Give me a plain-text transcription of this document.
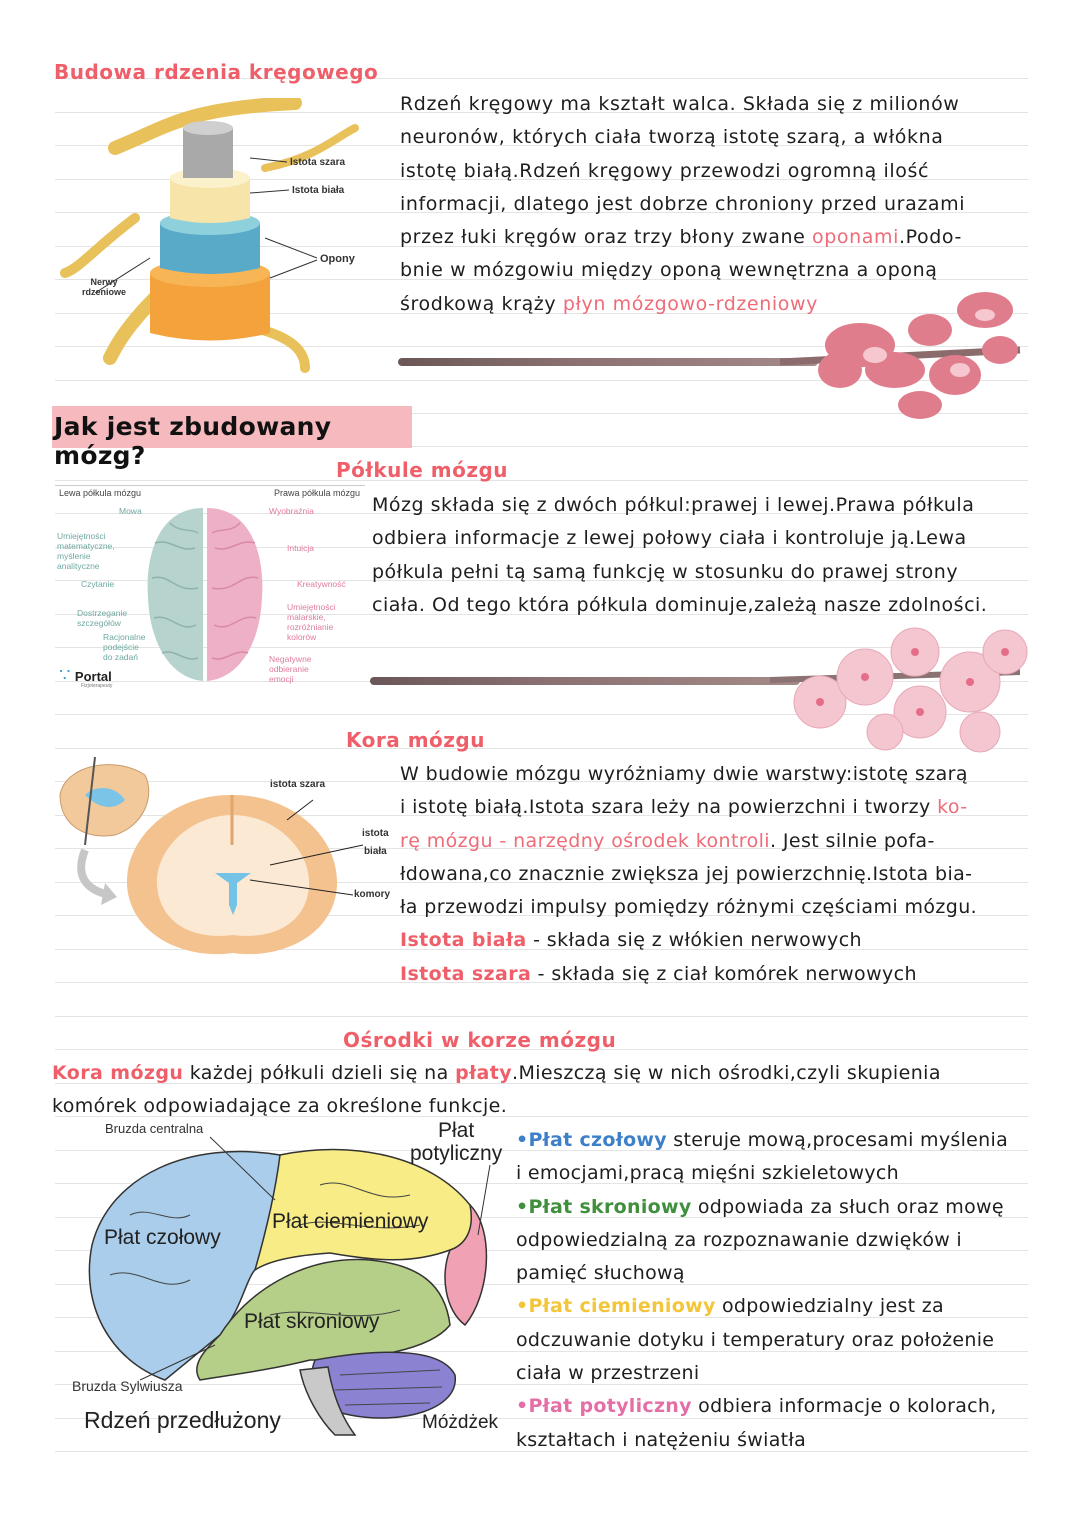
Budowa rdzenia kręgowego
Istota szara
Istota biała
Opony
Nerwy
rdzeniowe
Rdzeń kręgowy ma kształt walca. Składa się z milionów
neuronów, których ciała tworzą istotę szarą, a włókna
istotę białą.Rdzeń kręgowy przewodzi ogromną ilość
informacji, dlatego jest dobrze chroniony przed urazami
przez łuki kręgów oraz trzy błony zwane oponami.Podo-
bnie w mózgowiu między oponą wewnętrzna a oponą
środkową krąży płyn mózgowo-rdzeniowy
Jak jest zbudowany mózg?	Półkule mózgu
Lewa półkula mózgu	Prawa półkula mózgu
Mowa
Umiejętności
matematyczne,
myślenie
analityczne
Czytanie
Dostrzeganie
szczegółów
Racjonalne
podejście
do zadań
Wyobraźnia
Intuicja
Kreatywność
Umiejętności
malarskie,
rozróżnianie
kolorów
Negatywne
odbieranie
emocji
∵ Portal
Fizjoterapeuty
Mózg składa się z dwóch półkul:prawej i lewej.Prawa półkula
odbiera informacje z lewej połowy ciała i kontroluje ją.Lewa
półkula pełni tą samą funkcję w stosunku do prawej strony
ciała. Od tego która półkula dominuje,zależą nasze zdolności.
Kora mózgu
istota szara
istota
biała
komory
W budowie mózgu wyróżniamy dwie warstwy:istotę szarą
i istotę białą.Istota szara leży na powierzchni i tworzy ko-
rę mózgu - narzędny ośrodek kontroli. Jest silnie pofa-
łdowana,co znacznie zwiększa jej powierzchnię.Istota bia-
ła przewodzi impulsy pomiędzy różnymi częściami mózgu.
Istota biała - składa się z włókien nerwowych
Istota szara - składa się z ciał komórek nerwowych
Ośrodki w korze mózgu
Kora mózgu każdej półkuli dzieli się na płaty.Mieszczą się w nich ośrodki,czyli skupienia
komórek odpowiadające za określone funkcje.
Bruzda centralna	Płat
potyliczny
Płat czołowy
Płat ciemieniowy
Płat skroniowy
Bruzda Sylwiusza
Rdzeń przedłużony	Móżdżek
•Płat czołowy steruje mową,procesami myślenia
i emocjami,pracą mięśni szkieletowych
•Płat skroniowy odpowiada za słuch oraz mowę
odpowiedzialną za rozpoznawanie dzwięków i
pamięć słuchową
•Płat ciemieniowy odpowiedzialny jest za
odczuwanie dotyku i temperatury oraz położenie
ciała w przestrzeni
•Płat potyliczny odbiera informacje o kolorach,
kształtach i natężeniu światła
